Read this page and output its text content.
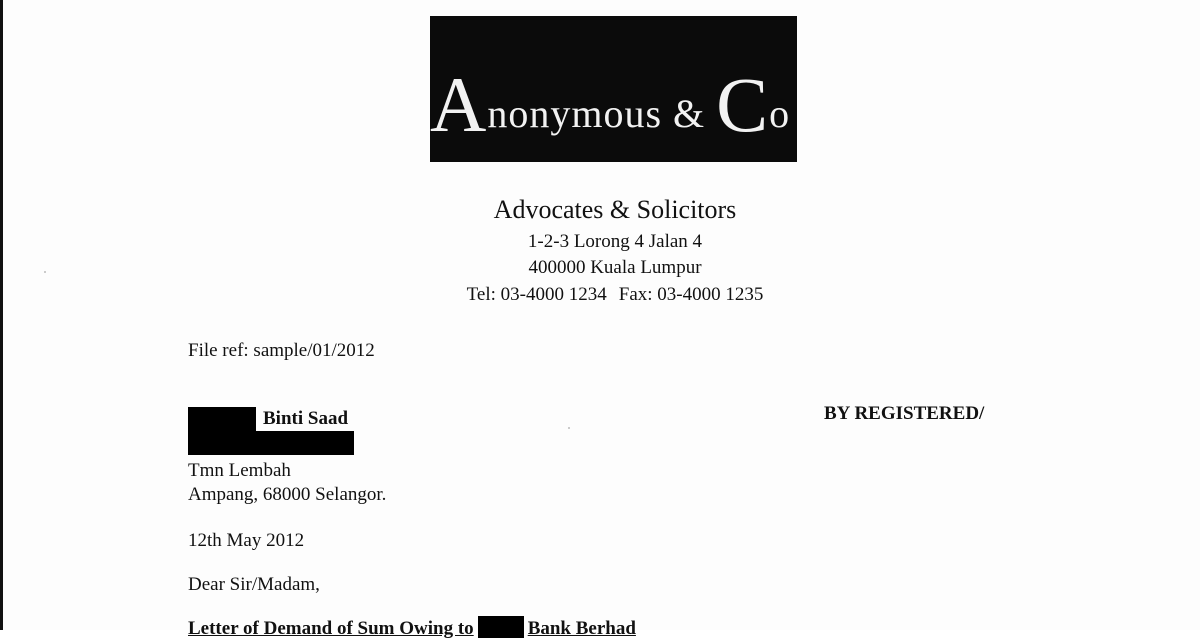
Anonymous & Co
Advocates & Solicitors
1-2-3 Lorong 4 Jalan 4
400000 Kuala Lumpur
Tel: 03-4000 1234 Fax: 03-4000 1235
File ref: sample/01/2012
Binti Saad	BY REGISTERED/
Tmn Lembah
Ampang, 68000 Selangor.
12th May 2012
Dear Sir/Madam,
Letter of Demand of Sum Owing to	Bank Berhad
